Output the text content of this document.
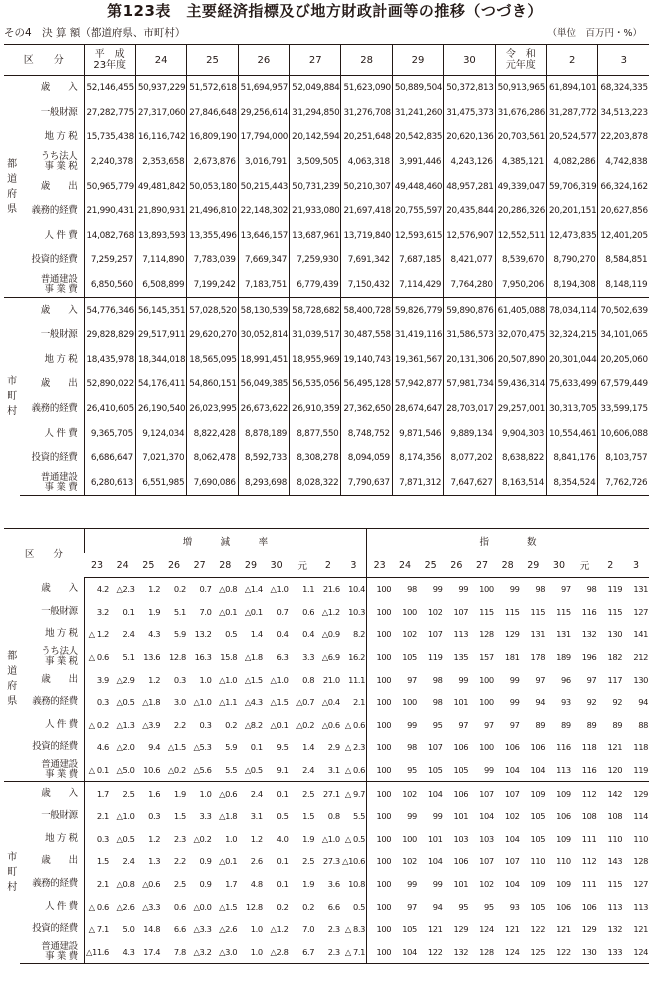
第123表　主要経済指標及び地方財政計画等の推移（つづき）
その4　決 算 額（都道府県、市町村）	（単位　百万円・%）
区　　分		平　成
23年度	24	25	26	27	28	29	30	令　和
元年度	2	3
都
道
府
県	歳　　入	52,146,455	50,937,229	51,572,618	51,694,957	52,049,884	51,623,090	50,889,504	50,372,813	50,913,965	61,894,101	68,324,335
	一般財源	27,282,775	27,317,060	27,846,648	29,256,614	31,294,850	31,276,708	31,241,260	31,475,373	31,676,286	31,287,772	34,513,223
	地 方 税	15,735,438	16,116,742	16,809,190	17,794,000	20,142,594	20,251,648	20,542,835	20,620,136	20,703,561	20,524,577	22,203,878
	うち法人
事 業 税	2,240,378	2,353,658	2,673,876	3,016,791	3,509,505	4,063,318	3,991,446	4,243,126	4,385,121	4,082,286	4,742,838
	歳　　出	50,965,779	49,481,842	50,053,180	50,215,443	50,731,239	50,210,307	49,448,460	48,957,281	49,339,047	59,706,319	66,324,162
	義務的経費	21,990,431	21,890,931	21,496,810	22,148,302	21,933,080	21,697,418	20,755,597	20,435,844	20,286,326	20,201,151	20,627,856
	人 件 費	14,082,768	13,893,593	13,355,496	13,646,157	13,687,961	13,719,840	12,593,615	12,576,907	12,552,511	12,473,835	12,401,205
	投資的経費	7,259,257	7,114,890	7,783,039	7,669,347	7,259,930	7,691,342	7,687,185	8,421,077	8,539,670	8,790,270	8,584,851
	普通建設
事 業 費	6,850,560	6,508,899	7,199,242	7,183,751	6,779,439	7,150,432	7,114,429	7,764,280	7,950,206	8,194,308	8,148,119
市
町
村	歳　　入	54,776,346	56,145,351	57,028,520	58,130,539	58,728,682	58,400,728	59,826,779	59,890,876	61,405,088	78,034,114	70,502,639
	一般財源	29,828,829	29,517,911	29,620,270	30,052,814	31,039,517	30,487,558	31,419,116	31,586,573	32,070,475	32,324,215	34,101,065
	地 方 税	18,435,978	18,344,018	18,565,095	18,991,451	18,955,969	19,140,743	19,361,567	20,131,306	20,507,890	20,301,044	20,205,060
	歳　　出	52,890,022	54,176,411	54,860,151	56,049,385	56,535,056	56,495,128	57,942,877	57,981,734	59,436,314	75,633,499	67,579,449
	義務的経費	26,410,605	26,190,540	26,023,995	26,673,622	26,910,359	27,362,650	28,674,647	28,703,017	29,257,001	30,313,705	33,599,175
	人 件 費	9,365,705	9,124,034	8,822,428	8,878,189	8,877,550	8,748,752	9,871,546	9,889,134	9,904,303	10,554,461	10,606,088
	投資的経費	6,686,647	7,021,370	8,062,478	8,592,733	8,308,278	8,094,059	8,174,356	8,077,202	8,638,822	8,841,176	8,103,757
	普通建設
事 業 費	6,280,613	6,551,985	7,690,086	8,293,698	8,028,322	7,790,637	7,871,312	7,647,627	8,163,514	8,354,524	7,762,726
区　　分		増　　　減　　　率											指　　　　数										
		23	24	25	26	27	28	29	30	元	2	3	23	24	25	26	27	28	29	30	元	2	3
都
道
府
県	歳　　入	4.2	△2.3	1.2	0.2	0.7	△0.8	△1.4	△1.0	1.1	21.6	10.4	100	98	99	99	100	99	98	97	98	119	131
	一般財源	3.2	0.1	1.9	5.1	7.0	△0.1	△0.1	0.7	0.6	△1.2	10.3	100	100	102	107	115	115	115	115	116	115	127
	地 方 税	△ 1.2	2.4	4.3	5.9	13.2	0.5	1.4	0.4	0.4	△0.9	8.2	100	102	107	113	128	129	131	131	132	130	141
	うち法人
事 業 税	△ 0.6	5.1	13.6	12.8	16.3	15.8	△1.8	6.3	3.3	△6.9	16.2	100	105	119	135	157	181	178	189	196	182	212
	歳　　出	3.9	△2.9	1.2	0.3	1.0	△1.0	△1.5	△1.0	0.8	21.0	11.1	100	97	98	99	100	99	97	96	97	117	130
	義務的経費	0.3	△0.5	△1.8	3.0	△1.0	△1.1	△4.3	△1.5	△0.7	△0.4	2.1	100	100	98	101	100	99	94	93	92	92	94
	人 件 費	△ 0.2	△1.3	△3.9	2.2	0.3	0.2	△8.2	△0.1	△0.2	△0.6	△ 0.6	100	99	95	97	97	97	89	89	89	89	88
	投資的経費	4.6	△2.0	9.4	△1.5	△5.3	5.9	0.1	9.5	1.4	2.9	△ 2.3	100	98	107	106	100	106	106	116	118	121	118
	普通建設
事 業 費	△ 0.1	△5.0	10.6	△0.2	△5.6	5.5	△0.5	9.1	2.4	3.1	△ 0.6	100	95	105	105	99	104	104	113	116	120	119
市
町
村	歳　　入	1.7	2.5	1.6	1.9	1.0	△0.6	2.4	0.1	2.5	27.1	△ 9.7	100	102	104	106	107	107	109	109	112	142	129
	一般財源	2.1	△1.0	0.3	1.5	3.3	△1.8	3.1	0.5	1.5	0.8	5.5	100	99	99	101	104	102	105	106	108	108	114
	地 方 税	0.3	△0.5	1.2	2.3	△0.2	1.0	1.2	4.0	1.9	△1.0	△ 0.5	100	100	101	103	103	104	105	109	111	110	110
	歳　　出	1.5	2.4	1.3	2.2	0.9	△0.1	2.6	0.1	2.5	27.3	△10.6	100	102	104	106	107	107	110	110	112	143	128
	義務的経費	2.1	△0.8	△0.6	2.5	0.9	1.7	4.8	0.1	1.9	3.6	10.8	100	99	99	101	102	104	109	109	111	115	127
	人 件 費	△ 0.6	△2.6	△3.3	0.6	△0.0	△1.5	12.8	0.2	0.2	6.6	0.5	100	97	94	95	95	93	105	106	106	113	113
	投資的経費	△ 7.1	5.0	14.8	6.6	△3.3	△2.6	1.0	△1.2	7.0	2.3	△ 8.3	100	105	121	129	124	121	122	121	129	132	121
	普通建設
事 業 費	△11.6	4.3	17.4	7.8	△3.2	△3.0	1.0	△2.8	6.7	2.3	△ 7.1	100	104	122	132	128	124	125	122	130	133	124
